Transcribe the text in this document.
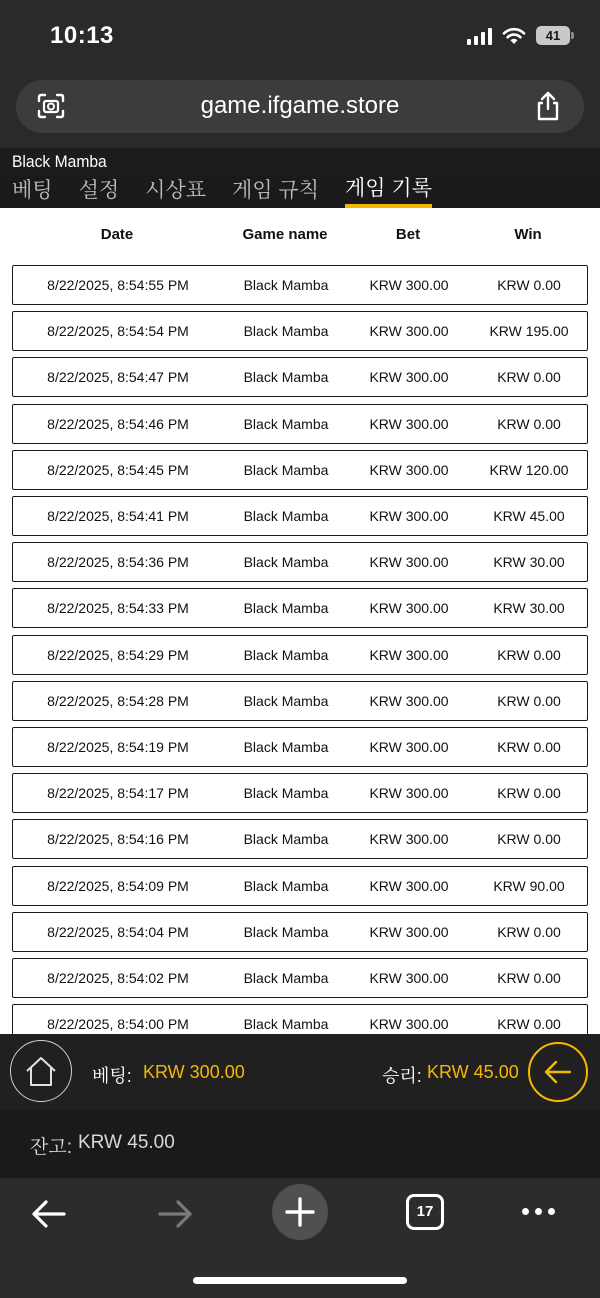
10:13	41
game.ifgame.store
Black Mamba
베팅 설정 시상표 게임 규칙 게임 기록
Date	Game name	Bet	Win
8/22/2025, 8:54:55 PM	Black Mamba	KRW 300.00	KRW 0.00
8/22/2025, 8:54:54 PM	Black Mamba	KRW 300.00	KRW 195.00
8/22/2025, 8:54:47 PM	Black Mamba	KRW 300.00	KRW 0.00
8/22/2025, 8:54:46 PM	Black Mamba	KRW 300.00	KRW 0.00
8/22/2025, 8:54:45 PM	Black Mamba	KRW 300.00	KRW 120.00
8/22/2025, 8:54:41 PM	Black Mamba	KRW 300.00	KRW 45.00
8/22/2025, 8:54:36 PM	Black Mamba	KRW 300.00	KRW 30.00
8/22/2025, 8:54:33 PM	Black Mamba	KRW 300.00	KRW 30.00
8/22/2025, 8:54:29 PM	Black Mamba	KRW 300.00	KRW 0.00
8/22/2025, 8:54:28 PM	Black Mamba	KRW 300.00	KRW 0.00
8/22/2025, 8:54:19 PM	Black Mamba	KRW 300.00	KRW 0.00
8/22/2025, 8:54:17 PM	Black Mamba	KRW 300.00	KRW 0.00
8/22/2025, 8:54:16 PM	Black Mamba	KRW 300.00	KRW 0.00
8/22/2025, 8:54:09 PM	Black Mamba	KRW 300.00	KRW 90.00
8/22/2025, 8:54:04 PM	Black Mamba	KRW 300.00	KRW 0.00
8/22/2025, 8:54:02 PM	Black Mamba	KRW 300.00	KRW 0.00
8/22/2025, 8:54:00 PM	Black Mamba	KRW 300.00	KRW 0.00
베팅: KRW 300.00	승리: KRW 45.00
잔고: KRW 45.00
17
